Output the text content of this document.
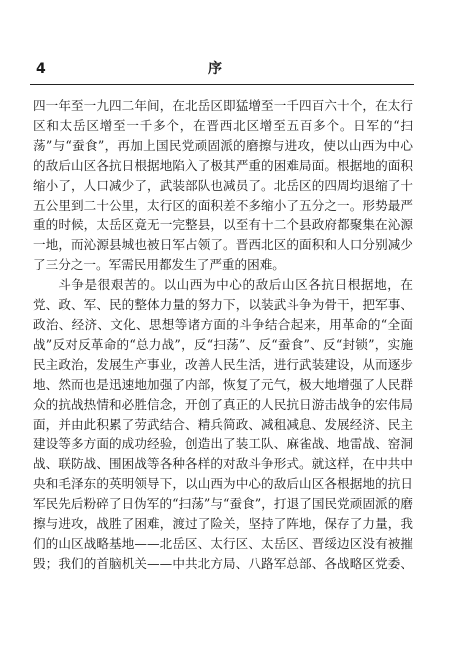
4	序

四一年至一九四二年间，在北岳区即猛增至一千四百六十个，在太行区和太岳区增至一千多个，在晋西北区增至五百多个。日军的“扫荡”与“蚕食”，再加上国民党顽固派的磨擦与进攻，使以山西为中心的敌后山区各抗日根据地陷入了极其严重的困难局面。根据地的面积缩小了，人口减少了，武装部队也减员了。北岳区的四周均退缩了十五公里到二十公里，太行区的面积差不多缩小了五分之一。形势最严重的时候，太岳区竟无一完整县，以至有十二个县政府都聚集在沁源一地，而沁源县城也被日军占领了。晋西北区的面积和人口分别减少了三分之一。军需民用都发生了严重的困难。

斗争是很艰苦的。以山西为中心的敌后山区各抗日根据地，在党、政、军、民的整体力量的努力下，以装武斗争为骨干，把军事、政治、经济、文化、思想等诸方面的斗争结合起来，用革命的“全面战”反对反革命的“总力战”，反“扫荡”、反“蚕食”、反“封锁”，实施民主政治，发展生产事业，改善人民生活，进行武装建设，从而逐步地、然而也是迅速地加强了内部，恢复了元气，极大地增强了人民群众的抗战热情和必胜信念，开创了真正的人民抗日游击战争的宏伟局面，并由此积累了劳武结合、精兵简政、减租减息、发展经济、民主建设等多方面的成功经验，创造出了装工队、麻雀战、地雷战、窑洞战、联防战、围困战等各种各样的对敌斗争形式。就这样，在中共中央和毛泽东的英明领导下，以山西为中心的敌后山区各根据地的抗日军民先后粉碎了日伪军的“扫荡”与“蚕食”，打退了国民党顽固派的磨擦与进攻，战胜了困难，渡过了险关，坚持了阵地，保存了力量，我们的山区战略基地——北岳区、太行区、太岳区、晋绥边区没有被摧毁；我们的首脑机关——中共北方局、八路军总部、各战略区党委、
